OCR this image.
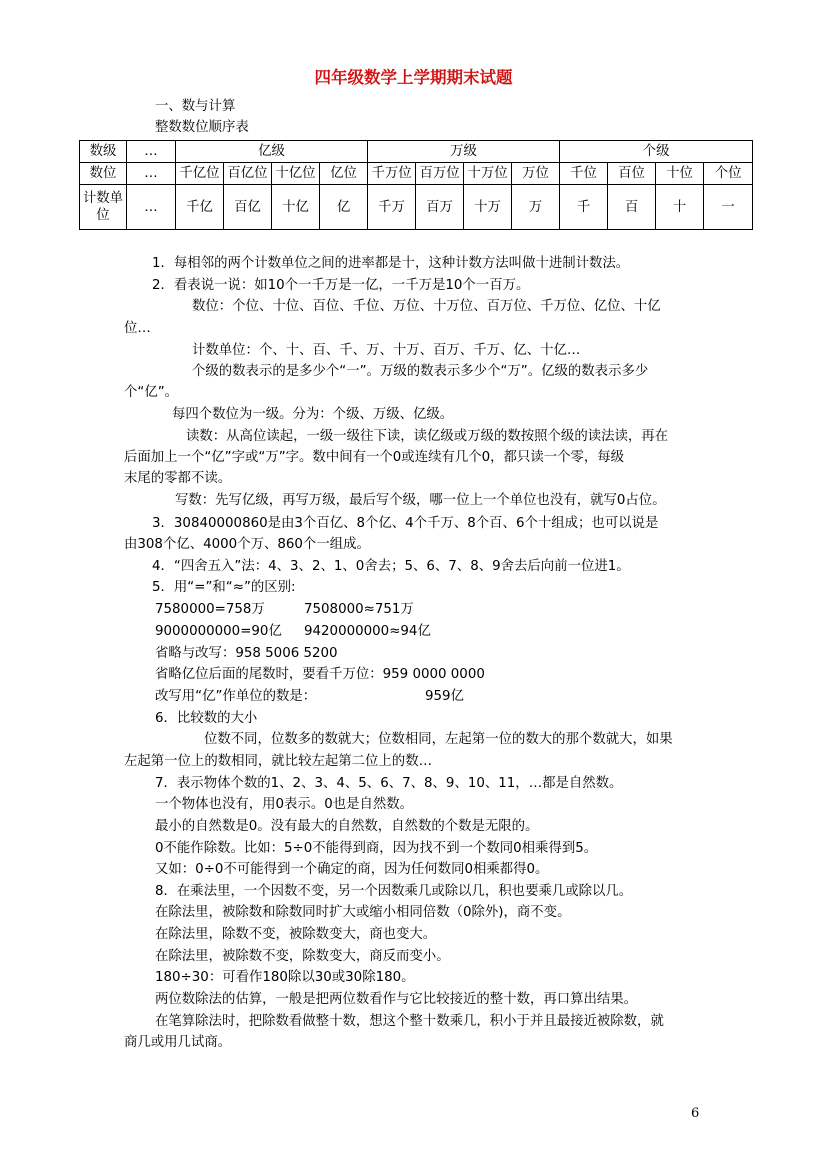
四年级数学上学期期末试题
一、数与计算
整数数位顺序表
数级	…	亿级				万级				个级			
数位	…	千亿位	百亿位	十亿位	亿位	千万位	百万位	十万位	万位	千位	百位	十位	个位
计数单位	…	千亿	百亿	十亿	亿	千万	百万	十万	万	千	百	十	一
1．每相邻的两个计数单位之间的进率都是十，这种计数方法叫做十进制计数法。
2．看表说一说：如10个一千万是一亿，一千万是10个一百万。
数位：个位、十位、百位、千位、万位、十万位、百万位、千万位、亿位、十亿
位…
计数单位：个、十、百、千、万、十万、百万、千万、亿、十亿…
个级的数表示的是多少个“一”。万级的数表示多少个“万”。亿级的数表示多少
个“亿”。
每四个数位为一级。分为：个级、万级、亿级。
读数：从高位读起，一级一级往下读，读亿级或万级的数按照个级的读法读，再在
后面加上一个“亿”字或“万”字。数中间有一个0或连续有几个0，都只读一个零，每级
末尾的零都不读。
写数：先写亿级，再写万级，最后写个级，哪一位上一个单位也没有，就写0占位。
3．30840000860是由3个百亿、8个亿、4个千万、8个百、6个十组成；也可以说是
由308个亿、4000个万、860个一组成。
4．“四舍五入”法：4、3、2、1、0舍去；5、6、7、8、9舍去后向前一位进1。
5．用“=”和“≈”的区别:
7580000=758万	7508000≈751万
9000000000=90亿 9420000000≈94亿
省略与改写：958 5006 5200
省略亿位后面的尾数时，要看千万位：959 0000 0000
改写用“亿”作单位的数是：	959亿
6．比较数的大小
位数不同，位数多的数就大；位数相同，左起第一位的数大的那个数就大，如果
左起第一位上的数相同，就比较左起第二位上的数…
7．表示物体个数的1、2、3、4、5、6、7、8、9、10、11，…都是自然数。
一个物体也没有，用0表示。0也是自然数。
最小的自然数是0。没有最大的自然数，自然数的个数是无限的。
0不能作除数。比如：5÷0不能得到商，因为找不到一个数同0相乘得到5。
又如：0÷0不可能得到一个确定的商，因为任何数同0相乘都得0。
8．在乘法里，一个因数不变，另一个因数乘几或除以几，积也要乘几或除以几。
在除法里，被除数和除数同时扩大或缩小相同倍数（0除外)，商不变。
在除法里，除数不变，被除数变大，商也变大。
在除法里，被除数不变，除数变大，商反而变小。
180÷30：可看作180除以30或30除180。
两位数除法的估算，一般是把两位数看作与它比较接近的整十数，再口算出结果。
在笔算除法时，把除数看做整十数，想这个整十数乘几，积小于并且最接近被除数，就
商几或用几试商。
6
